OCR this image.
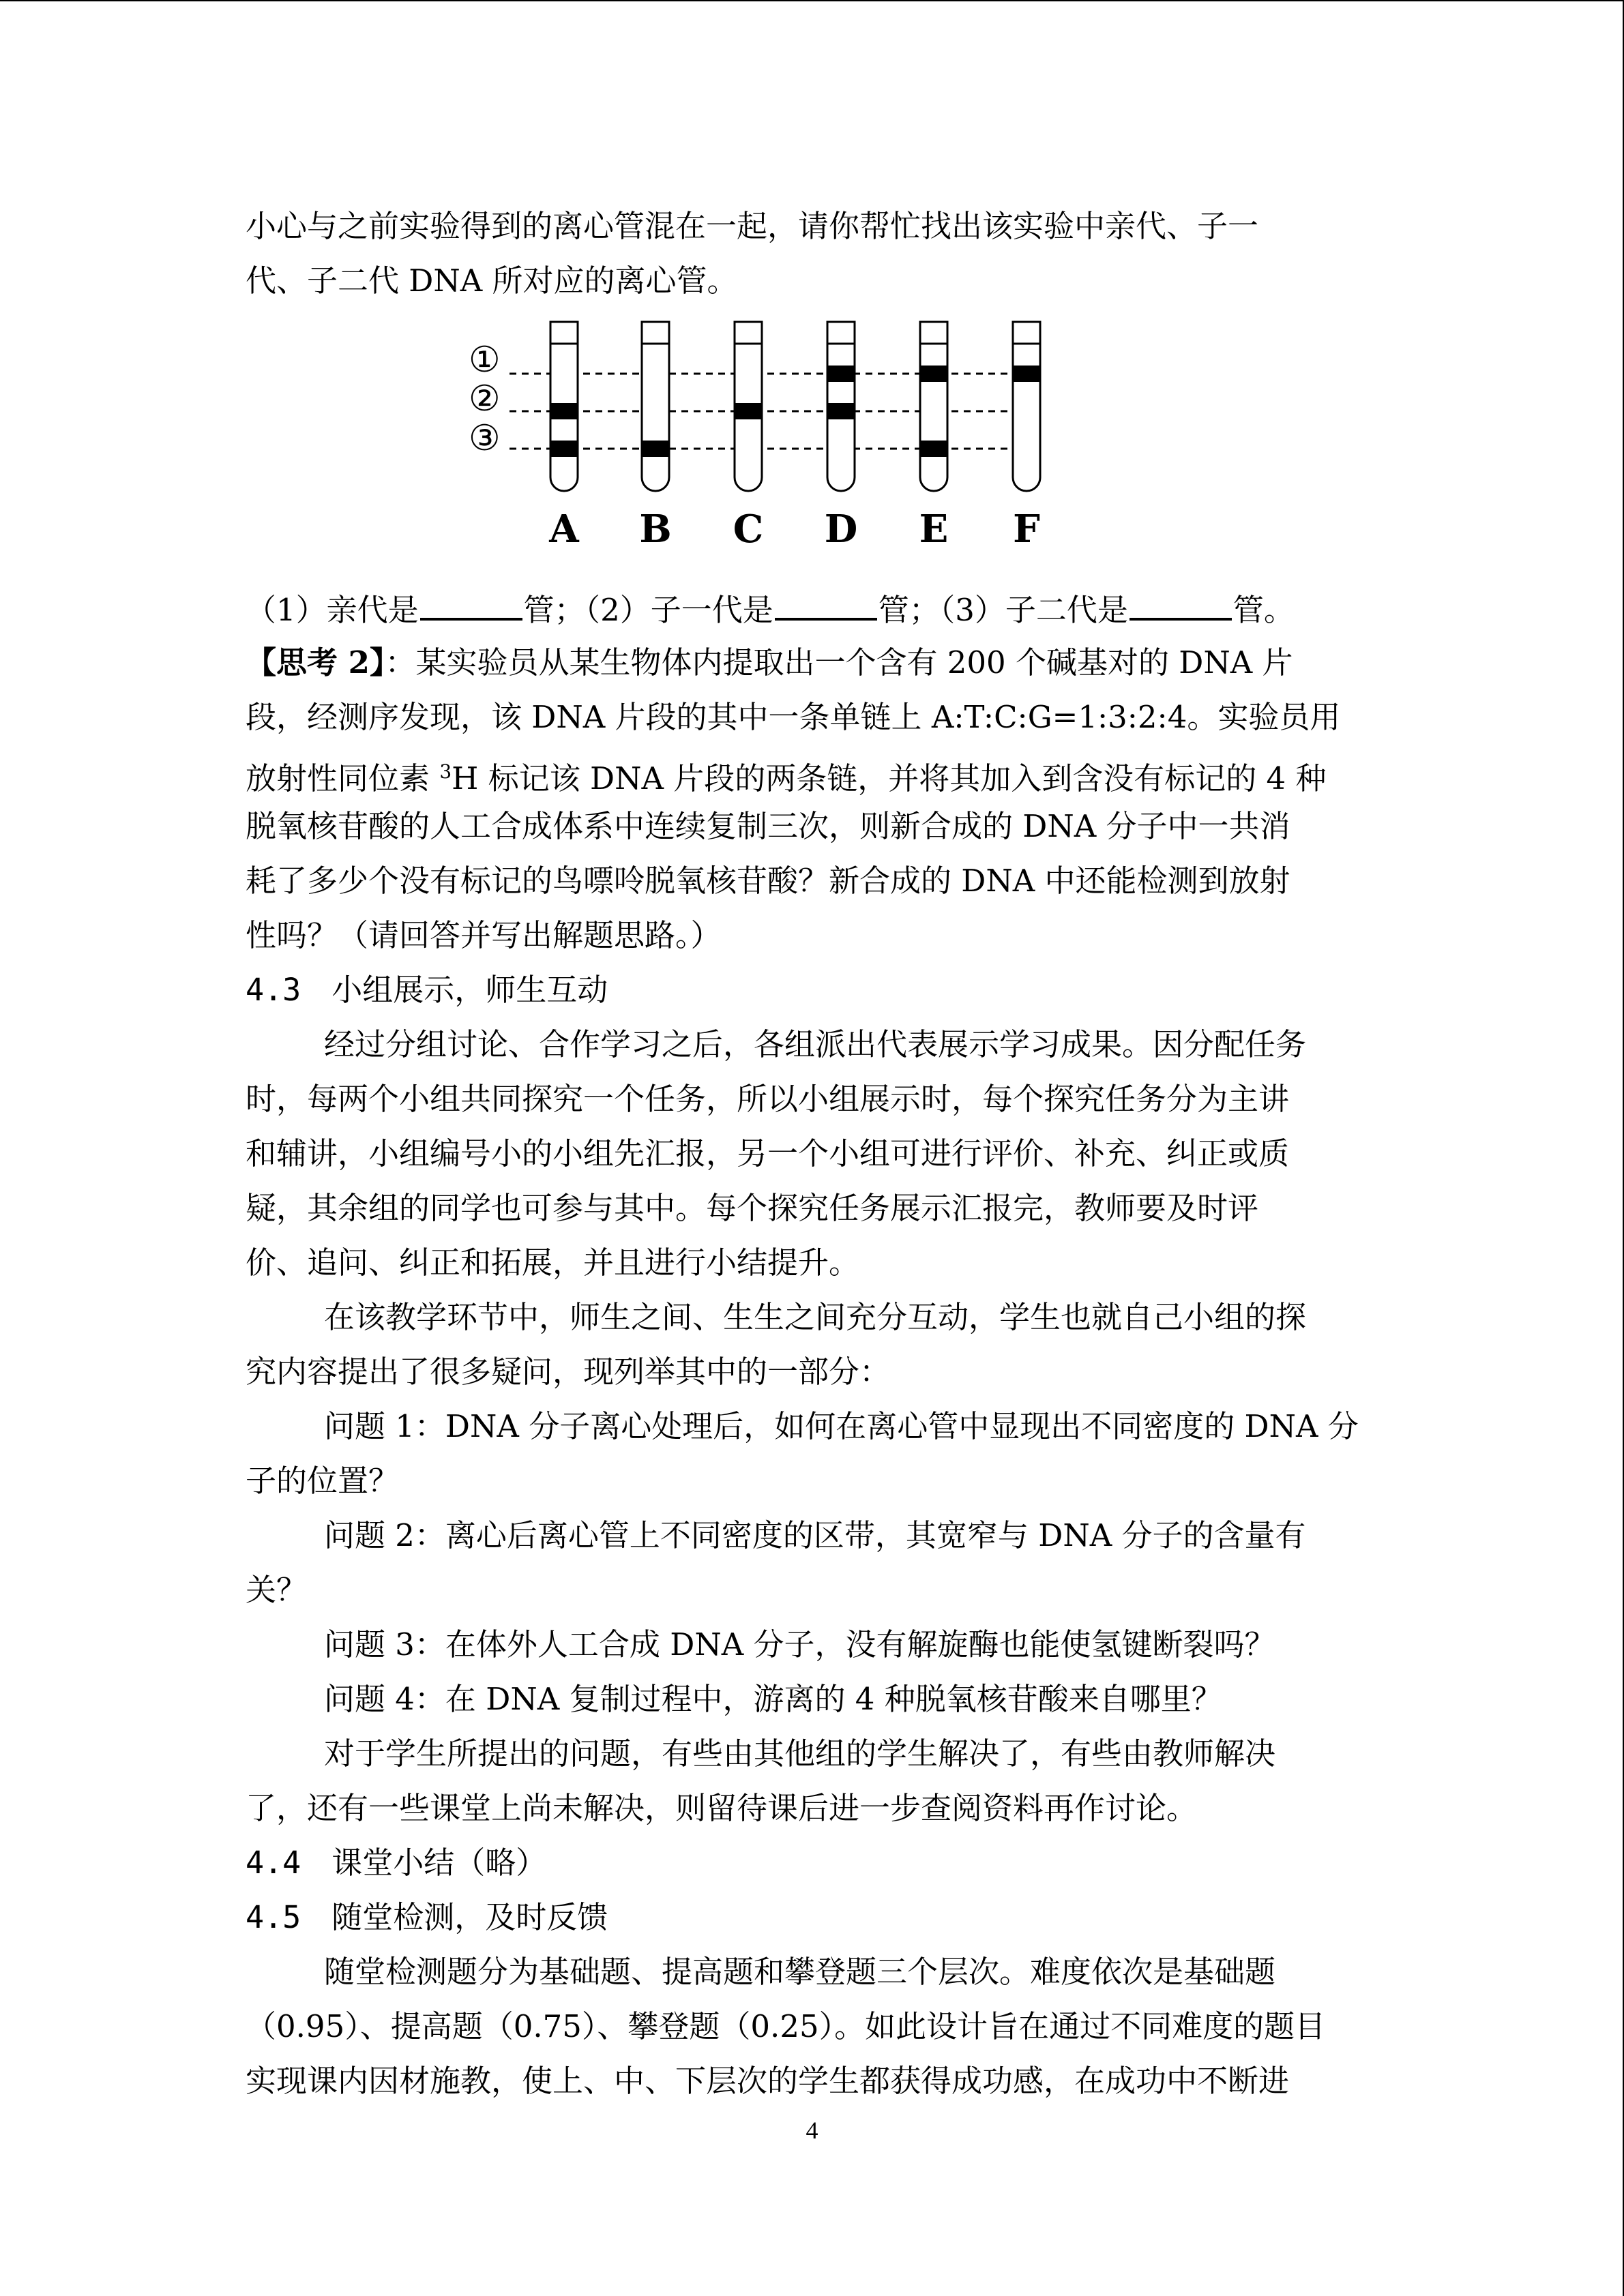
小心与之前实验得到的离心管混在一起，请你帮忙找出该实验中亲代、子一
代、子二代 DNA 所对应的离心管。
①
②
③
A B C D E F
（1）亲代是	管；（2）子一代是	管；（3）子二代是	管。
【思考 2】：某实验员从某生物体内提取出一个含有 200 个碱基对的 DNA 片
段，经测序发现，该 DNA 片段的其中一条单链上 A:T:C:G=1:3:2:4。实验员用
放射性同位素 $^3$H 标记该 DNA 片段的两条链，并将其加入到含没有标记的 4 种
脱氧核苷酸的人工合成体系中连续复制三次，则新合成的 DNA 分子中一共消
耗了多少个没有标记的鸟嘌呤脱氧核苷酸？新合成的 DNA 中还能检测到放射
性吗？（请回答并写出解题思路。）
4.3　小组展示，师生互动
经过分组讨论、合作学习之后，各组派出代表展示学习成果。因分配任务
时，每两个小组共同探究一个任务，所以小组展示时，每个探究任务分为主讲
和辅讲，小组编号小的小组先汇报，另一个小组可进行评价、补充、纠正或质
疑，其余组的同学也可参与其中。每个探究任务展示汇报完，教师要及时评
价、追问、纠正和拓展，并且进行小结提升。
在该教学环节中，师生之间、生生之间充分互动，学生也就自己小组的探
究内容提出了很多疑问，现列举其中的一部分：
问题 1：DNA 分子离心处理后，如何在离心管中显现出不同密度的 DNA 分
子的位置？
问题 2：离心后离心管上不同密度的区带，其宽窄与 DNA 分子的含量有
关？
问题 3：在体外人工合成 DNA 分子，没有解旋酶也能使氢键断裂吗？
问题 4：在 DNA 复制过程中，游离的 4 种脱氧核苷酸来自哪里？
对于学生所提出的问题，有些由其他组的学生解决了，有些由教师解决
了，还有一些课堂上尚未解决，则留待课后进一步查阅资料再作讨论。
4.4　课堂小结（略）
4.5　随堂检测，及时反馈
随堂检测题分为基础题、提高题和攀登题三个层次。难度依次是基础题
（0.95）、提高题（0.75）、攀登题（0.25）。如此设计旨在通过不同难度的题目
实现课内因材施教，使上、中、下层次的学生都获得成功感，在成功中不断进
4
